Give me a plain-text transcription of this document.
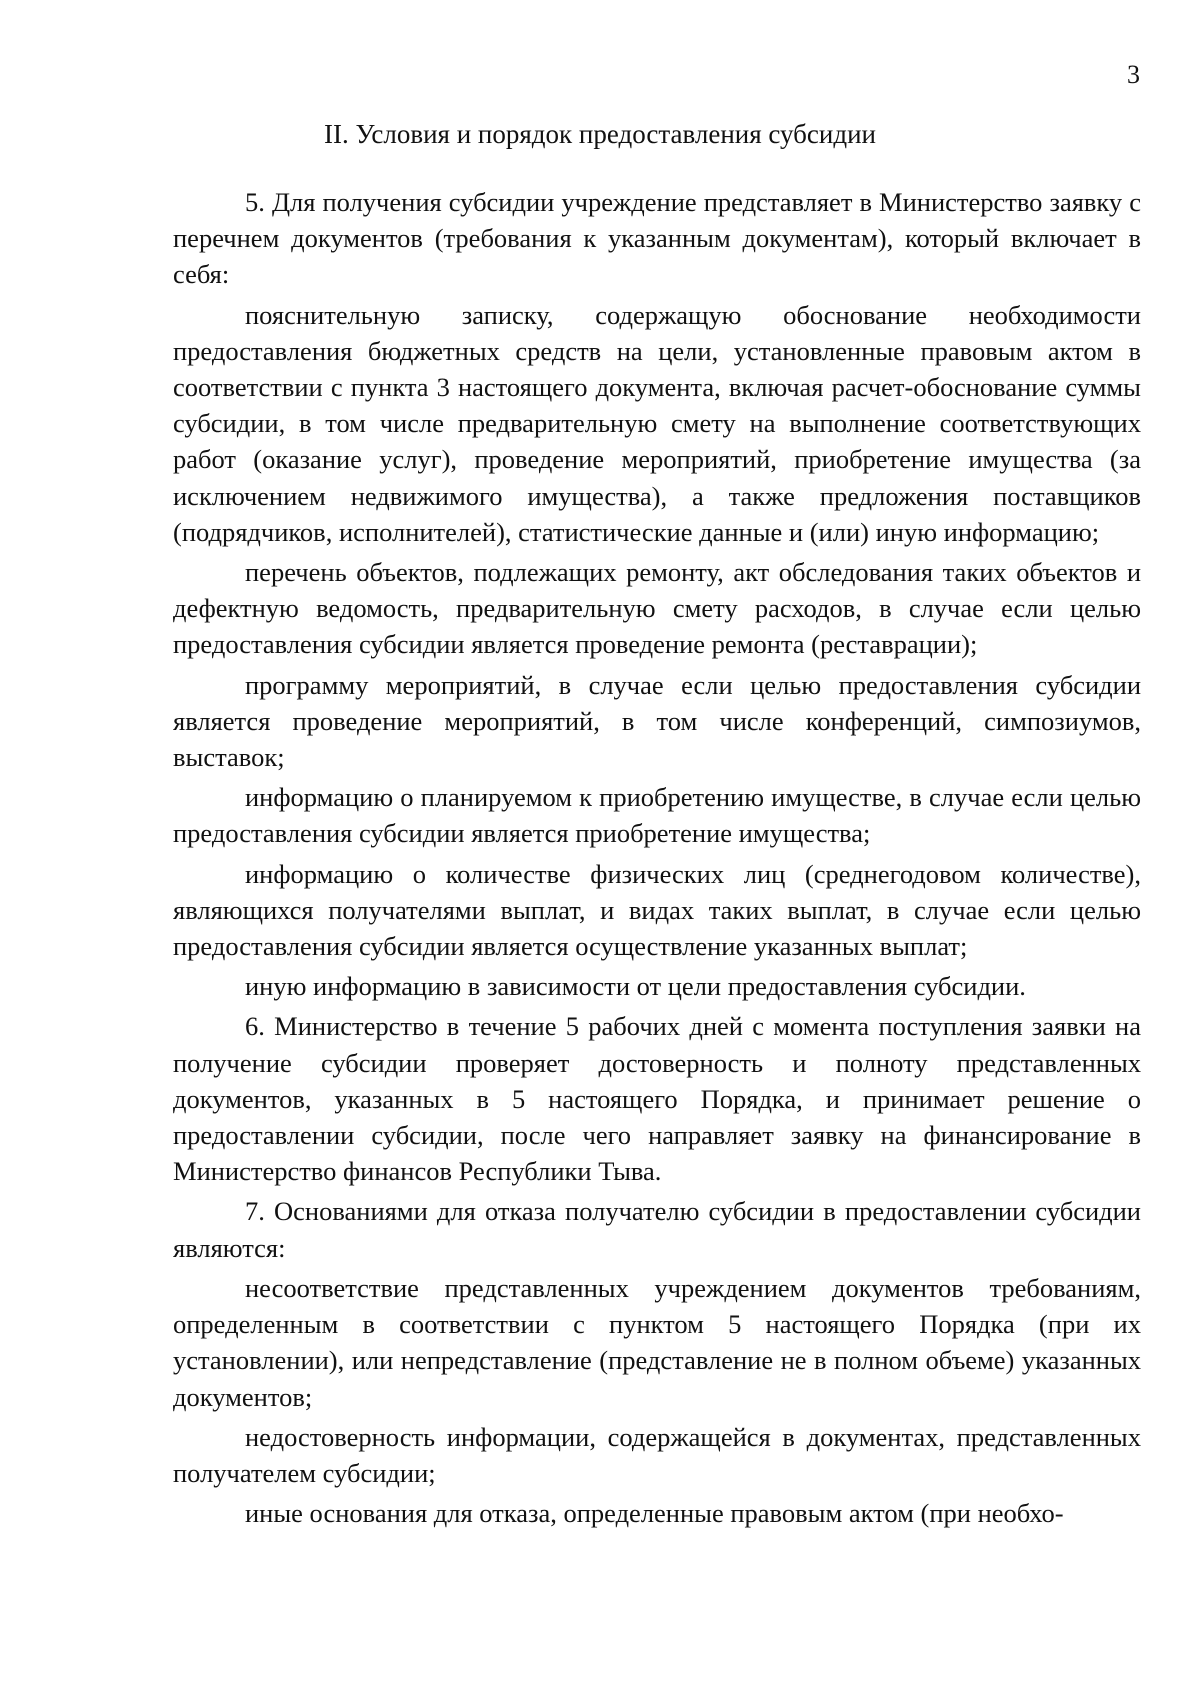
3
II. Условия и порядок предоставления субсидии

5. Для получения субсидии учреждение представляет в Министерство заявку с перечнем документов (требования к указанным документам), который включает в себя:

пояснительную записку, содержащую обоснование необходимости предоставления бюджетных средств на цели, установленные правовым актом в соответствии с пункта 3 настоящего документа, включая расчет-обоснование суммы субсидии, в том числе предварительную смету на выполнение соответствующих работ (оказание услуг), проведение мероприятий, приобретение имущества (за исключением недвижимого имущества), а также предложения поставщиков (подрядчиков, исполнителей), статистические данные и (или) иную информацию;

перечень объектов, подлежащих ремонту, акт обследования таких объектов и дефектную ведомость, предварительную смету расходов, в случае если целью предоставления субсидии является проведение ремонта (реставрации);

программу мероприятий, в случае если целью предоставления субсидии является проведение мероприятий, в том числе конференций, симпозиумов, выставок;

информацию о планируемом к приобретению имуществе, в случае если целью предоставления субсидии является приобретение имущества;

информацию о количестве физических лиц (среднегодовом количестве), являющихся получателями выплат, и видах таких выплат, в случае если целью предоставления субсидии является осуществление указанных выплат;

иную информацию в зависимости от цели предоставления субсидии.

6. Министерство в течение 5 рабочих дней с момента поступления заявки на получение субсидии проверяет достоверность и полноту представленных документов, указанных в 5 настоящего Порядка, и принимает решение о предоставлении субсидии, после чего направляет заявку на финансирование в Министерство финансов Республики Тыва.

7. Основаниями для отказа получателю субсидии в предоставлении субсидии являются:

несоответствие представленных учреждением документов требованиям, определенным в соответствии с пунктом 5 настоящего Порядка (при их установлении), или непредставление (представление не в полном объеме) указанных документов;

недостоверность информации, содержащейся в документах, представленных получателем субсидии;

иные основания для отказа, определенные правовым актом (при необхо-
